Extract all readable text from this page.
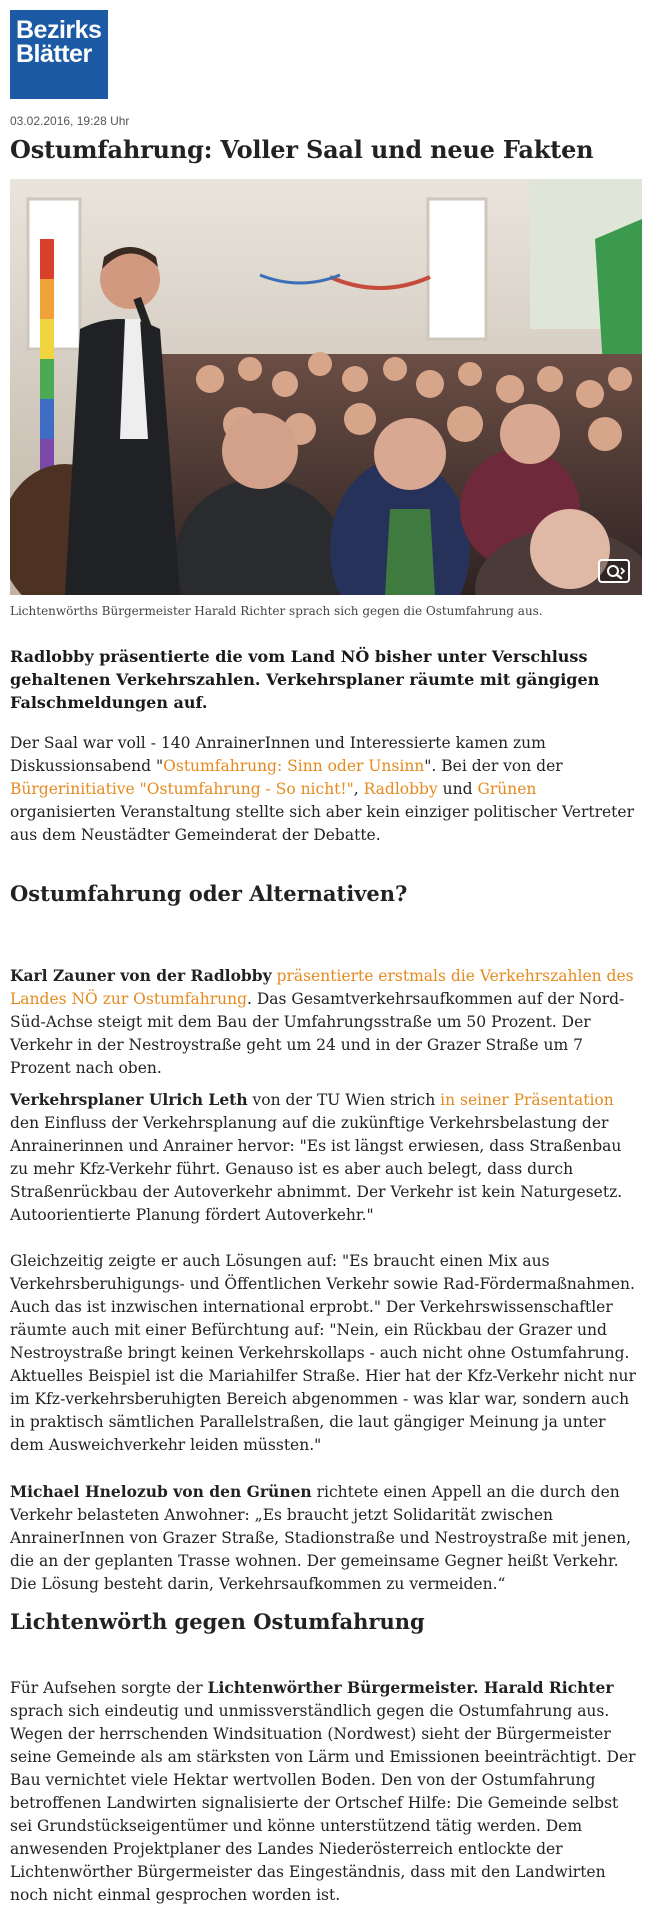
Bezirks
Blätter
03.02.2016, 19:28 Uhr
Ostumfahrung: Voller Saal und neue Fakten
Lichtenwörths Bürgermeister Harald Richter sprach sich gegen die Ostumfahrung aus.
Radlobby präsentierte die vom Land NÖ bisher unter Verschluss gehaltenen Verkehrszahlen. Verkehrsplaner räumte mit gängigen Falschmeldungen auf.

Der Saal war voll - 140 AnrainerInnen und Interessierte kamen zum Diskussionsabend "Ostumfahrung: Sinn oder Unsinn". Bei der von der Bürgerinitiative "Ostumfahrung - So nicht!", Radlobby und Grünen organisierten Veranstaltung stellte sich aber kein einziger politischer Vertreter aus dem Neustädter Gemeinderat der Debatte.

Ostumfahrung oder Alternativen?

Karl Zauner von der Radlobby präsentierte erstmals die Verkehrszahlen des Landes NÖ zur Ostumfahrung. Das Gesamtverkehrsaufkommen auf der Nord-Süd-Achse steigt mit dem Bau der Umfahrungsstraße um 50 Prozent. Der Verkehr in der Nestroystraße geht um 24 und in der Grazer Straße um 7 Prozent nach oben.

Verkehrsplaner Ulrich Leth von der TU Wien strich in seiner Präsentation den Einfluss der Verkehrsplanung auf die zukünftige Verkehrsbelastung der Anrainerinnen und Anrainer hervor: "Es ist längst erwiesen, dass Straßenbau zu mehr Kfz-Verkehr führt. Genauso ist es aber auch belegt, dass durch Straßenrückbau der Autoverkehr abnimmt. Der Verkehr ist kein Naturgesetz. Autoorientierte Planung fördert Autoverkehr."

Gleichzeitig zeigte er auch Lösungen auf: "Es braucht einen Mix aus Verkehrsberuhigungs- und Öffentlichen Verkehr sowie Rad-Fördermaßnahmen. Auch das ist inzwischen international erprobt." Der Verkehrswissenschaftler räumte auch mit einer Befürchtung auf: "Nein, ein Rückbau der Grazer und Nestroystraße bringt keinen Verkehrskollaps - auch nicht ohne Ostumfahrung. Aktuelles Beispiel ist die Mariahilfer Straße. Hier hat der Kfz-Verkehr nicht nur im Kfz-verkehrsberuhigten Bereich abgenommen - was klar war, sondern auch in praktisch sämtlichen Parallelstraßen, die laut gängiger Meinung ja unter dem Ausweichverkehr leiden müssten."

Michael Hnelozub von den Grünen richtete einen Appell an die durch den Verkehr belasteten Anwohner: „Es braucht jetzt Solidarität zwischen AnrainerInnen von Grazer Straße, Stadionstraße und Nestroystraße mit jenen, die an der geplanten Trasse wohnen. Der gemeinsame Gegner heißt Verkehr. Die Lösung besteht darin, Verkehrsaufkommen zu vermeiden.“

Lichtenwörth gegen Ostumfahrung

Für Aufsehen sorgte der Lichtenwörther Bürgermeister. Harald Richter sprach sich eindeutig und unmissverständlich gegen die Ostumfahrung aus. Wegen der herrschenden Windsituation (Nordwest) sieht der Bürgermeister seine Gemeinde als am stärksten von Lärm und Emissionen beeinträchtigt. Der Bau vernichtet viele Hektar wertvollen Boden. Den von der Ostumfahrung betroffenen Landwirten signalisierte der Ortschef Hilfe: Die Gemeinde selbst sei Grundstückseigentümer und könne unterstützend tätig werden. Dem anwesenden Projektplaner des Landes Niederösterreich entlockte der Lichtenwörther Bürgermeister das Eingeständnis, dass mit den Landwirten noch nicht einmal gesprochen worden ist.
